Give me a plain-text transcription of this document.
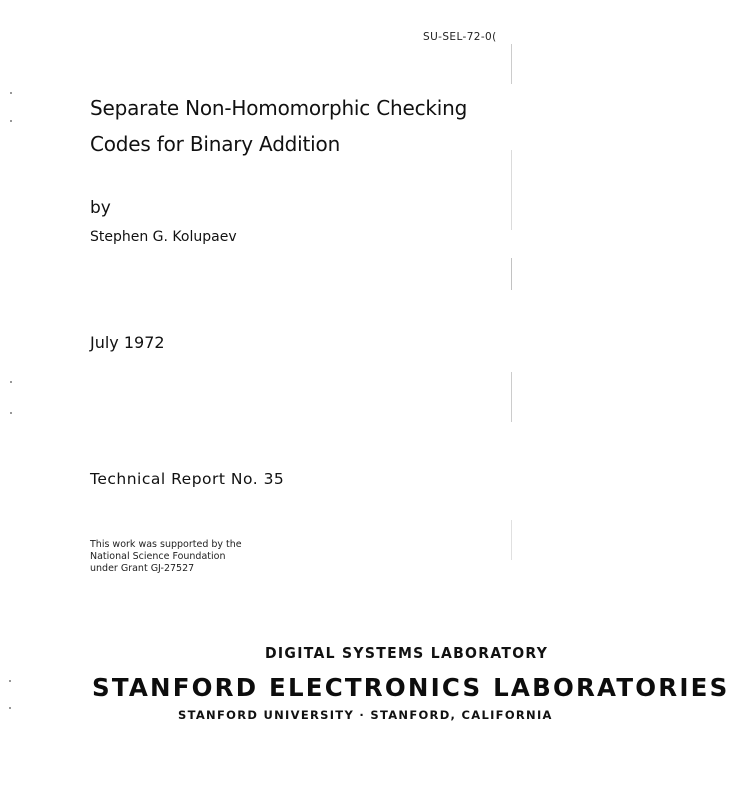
SU-SEL-72-0(
Separate Non-Homomorphic Checking
Codes for Binary Addition
by
Stephen G. Kolupaev
July 1972
Technical Report No. 35
This work was supported by the
National Science Foundation
under Grant GJ-27527
DIGITAL SYSTEMS LABORATORY
STANFORD ELECTRONICS LABORATORIES
STANFORD UNIVERSITY · STANFORD, CALIFORNIA
